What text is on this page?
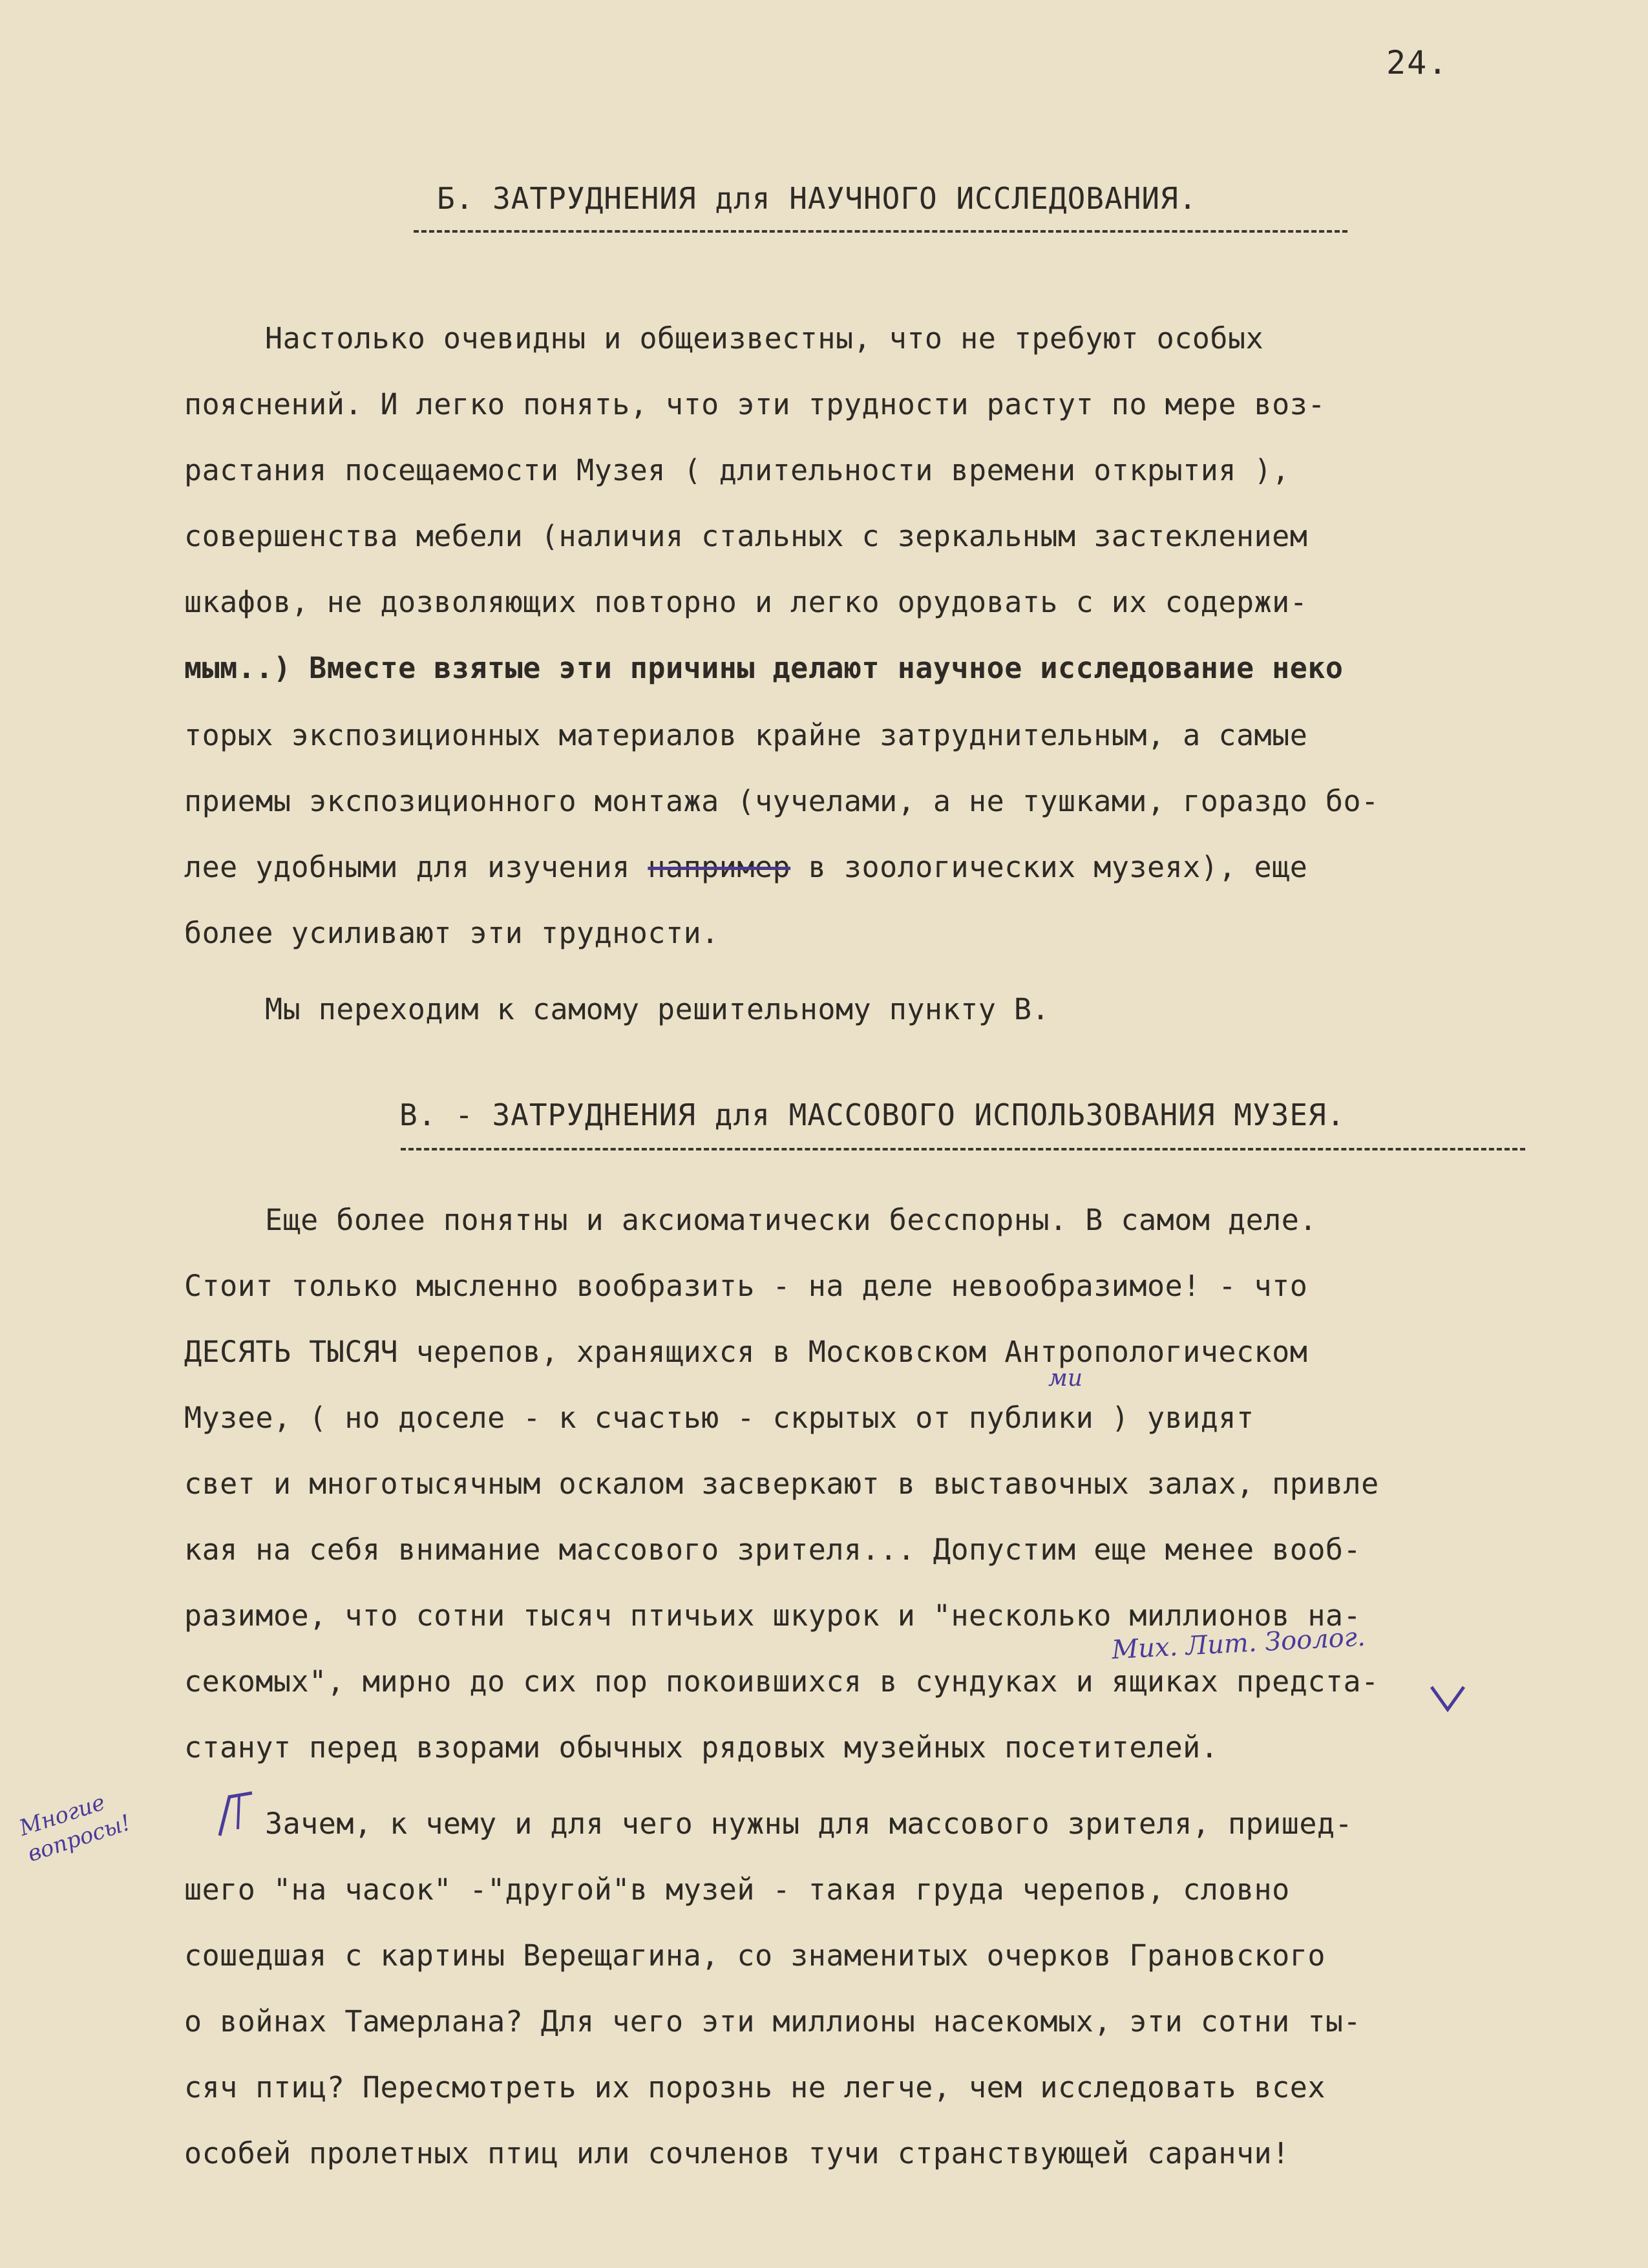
24.
Б. ЗАТРУДНЕНИЯ для НАУЧНОГО ИССЛЕДОВАНИЯ.
Настолько очевидны и общеизвестны, что не требуют особых
пояснений. И легко понять, что эти трудности растут по мере воз-
растания посещаемости Музея ( длительности времени открытия ),
совершенства мебели (наличия стальных с зеркальным застеклением
шкафов, не дозволяющих повторно и легко орудовать с их содержи-
мым..) Вместе взятые эти причины делают научное исследование неко
торых экспозиционных материалов крайне затруднительным, а самые
приемы экспозиционного монтажа (чучелами, а не тушками, гораздо бо-
лее удобными для изучения например в зоологических музеях), еще
более усиливают эти трудности.
Мы переходим к самому решительному пункту В.
В. - ЗАТРУДНЕНИЯ для МАССОВОГО ИСПОЛЬЗОВАНИЯ МУЗЕЯ.
Еще более понятны и аксиоматически бесспорны. В самом деле.
Стоит только мысленно вообразить - на деле невообразимое! - что
ДЕСЯТЬ ТЫСЯЧ черепов, хранящихся в Московском Антропологическом
Музее, ( но доселе - к счастью - скрытых от публики ) увидят
свет и многотысячным оскалом засверкают в выставочных залах, привле
кая на себя внимание массового зрителя... Допустим еще менее вооб-
разимое, что сотни тысяч птичьих шкурок и "несколько миллионов на-
секомых", мирно до сих пор покоившихся в сундуках и ящиках предста-
станут перед взорами обычных рядовых музейных посетителей.
Зачем, к чему и для чего нужны для массового зрителя, пришед-
шего "на часок" -"другой"в музей - такая груда черепов, словно
сошедшая с картины Верещагина, со знаменитых очерков Грановского
о войнах Тамерлана? Для чего эти миллионы насекомых, эти сотни ты-
сяч птиц? Пересмотреть их порознь не легче, чем исследовать всех
особей пролетных птиц или сочленов тучи странствующей саранчи!
ми
Мих. Лит. Зоолог.
Многие вопросы!
